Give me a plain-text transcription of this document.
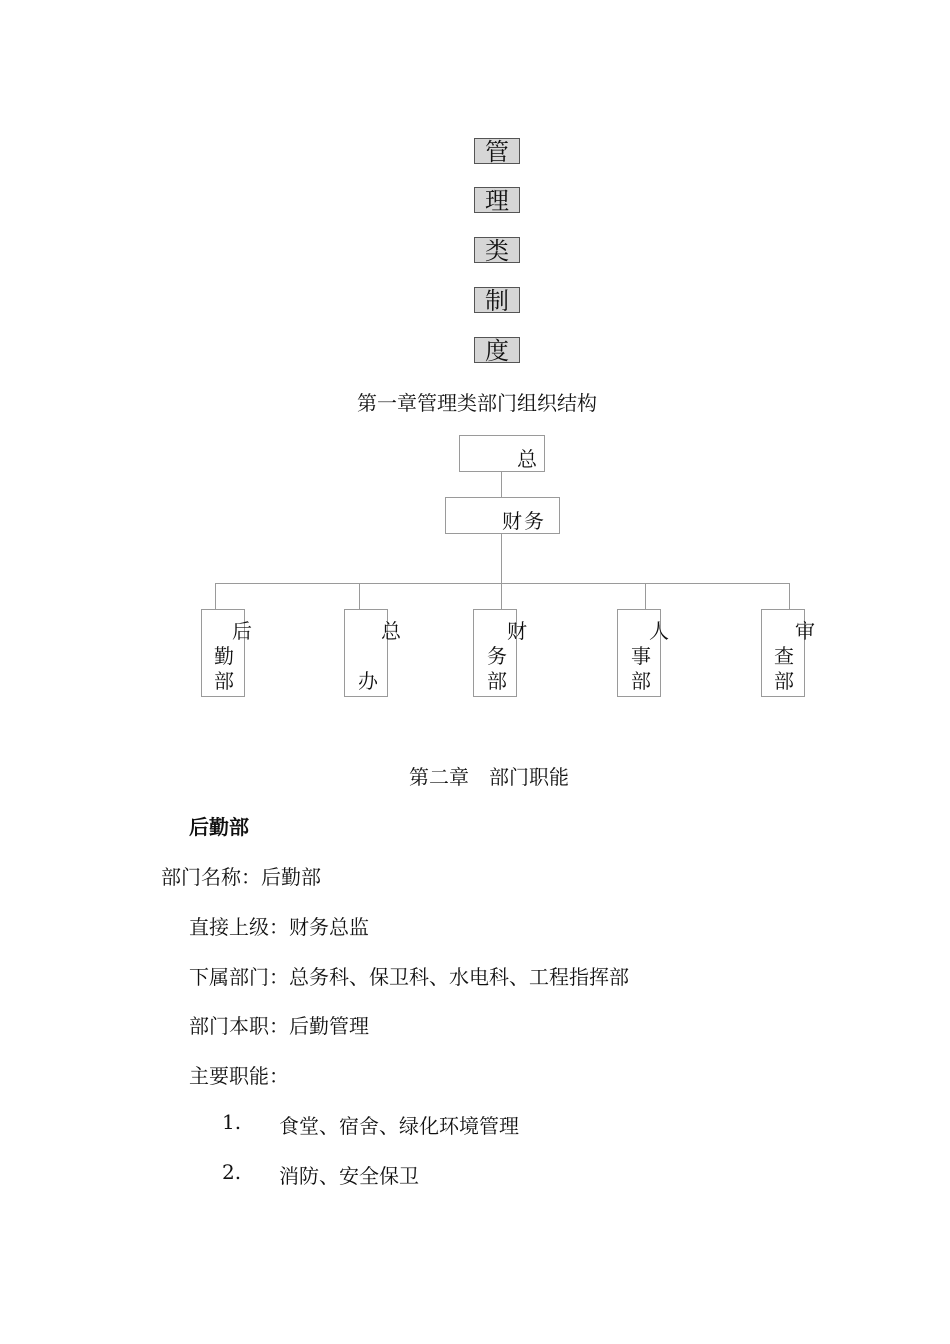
管
理
类
制
度
第一章管理类部门组织结构
总
财务
后
勤
部
总
办
财
务
部
人
事
部
审
查
部
第二章　部门职能
后勤部
部门名称：后勤部
直接上级：财务总监
下属部门：总务科、保卫科、水电科、工程指挥部
部门本职：后勤管理
主要职能：
1. 食堂、宿舍、绿化环境管理
2. 消防、安全保卫
